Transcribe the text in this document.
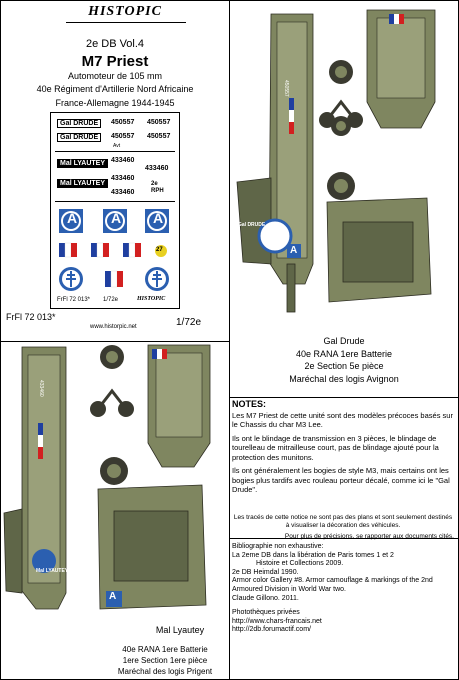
HISTOPIC
2e DB Vol.4
M7 Priest
Automoteur de 105 mm
40e Régiment d'Artillerie Nord Africaine
France-Allemagne 1944-1945
Gal DRUDE	450557 450557
Gal DRUDE	450557 450557
Avt
Mal LYAUTEY 433460
433460
Mal LYAUTEY
433460
433460
2e
RPH
A A A
27
FrFl 72 013* 1/72e	HISTOPIC
FrFl 72 013*
www.historpic.net	1/72e
Gal DRUDE
450557
A
Gal Drude
40e RANA 1ere Batterie
2e Section 5e pièce
Maréchal des logis Avignon
Mal LYAUTEY
433460
A
Mal Lyautey
40e RANA 1ere Batterie
1ere Section 1ere pièce
Maréchal des logis Prigent

NOTES:

Les M7 Priest de cette unité sont des modèles précoces basés sur le Chassis du char M3 Lee.

Ils ont le blindage de transmission en 3 pièces, le blindage de tourelleau de mitrailleuse court, pas de blindage ajouté pour la protection des munitons.

Ils ont généralement les bogies de style M3, mais certains ont les bogies plus tardifs avec rouleau porteur décalé, comme ici le "Gal Drude".

Les tracés de cette notice ne sont pas des plans et sont seulement destinés à visualiser la décoration des véhicules.
Pour plus de précisions, se rapporter aux documents cités.
Bibliographie non exhaustive:
La 2eme DB dans la libération de Paris tomes 1 et 2
Histoire et Collections 2009.
2e DB Heimdal 1990.
Armor color Gallery #8. Armor camouflage & markings of the 2nd Armoured Division in World War two.
Claude Gillono. 2011.
Photothèques privées
http://www.chars-francais.net
http://2db.forumactif.com/
